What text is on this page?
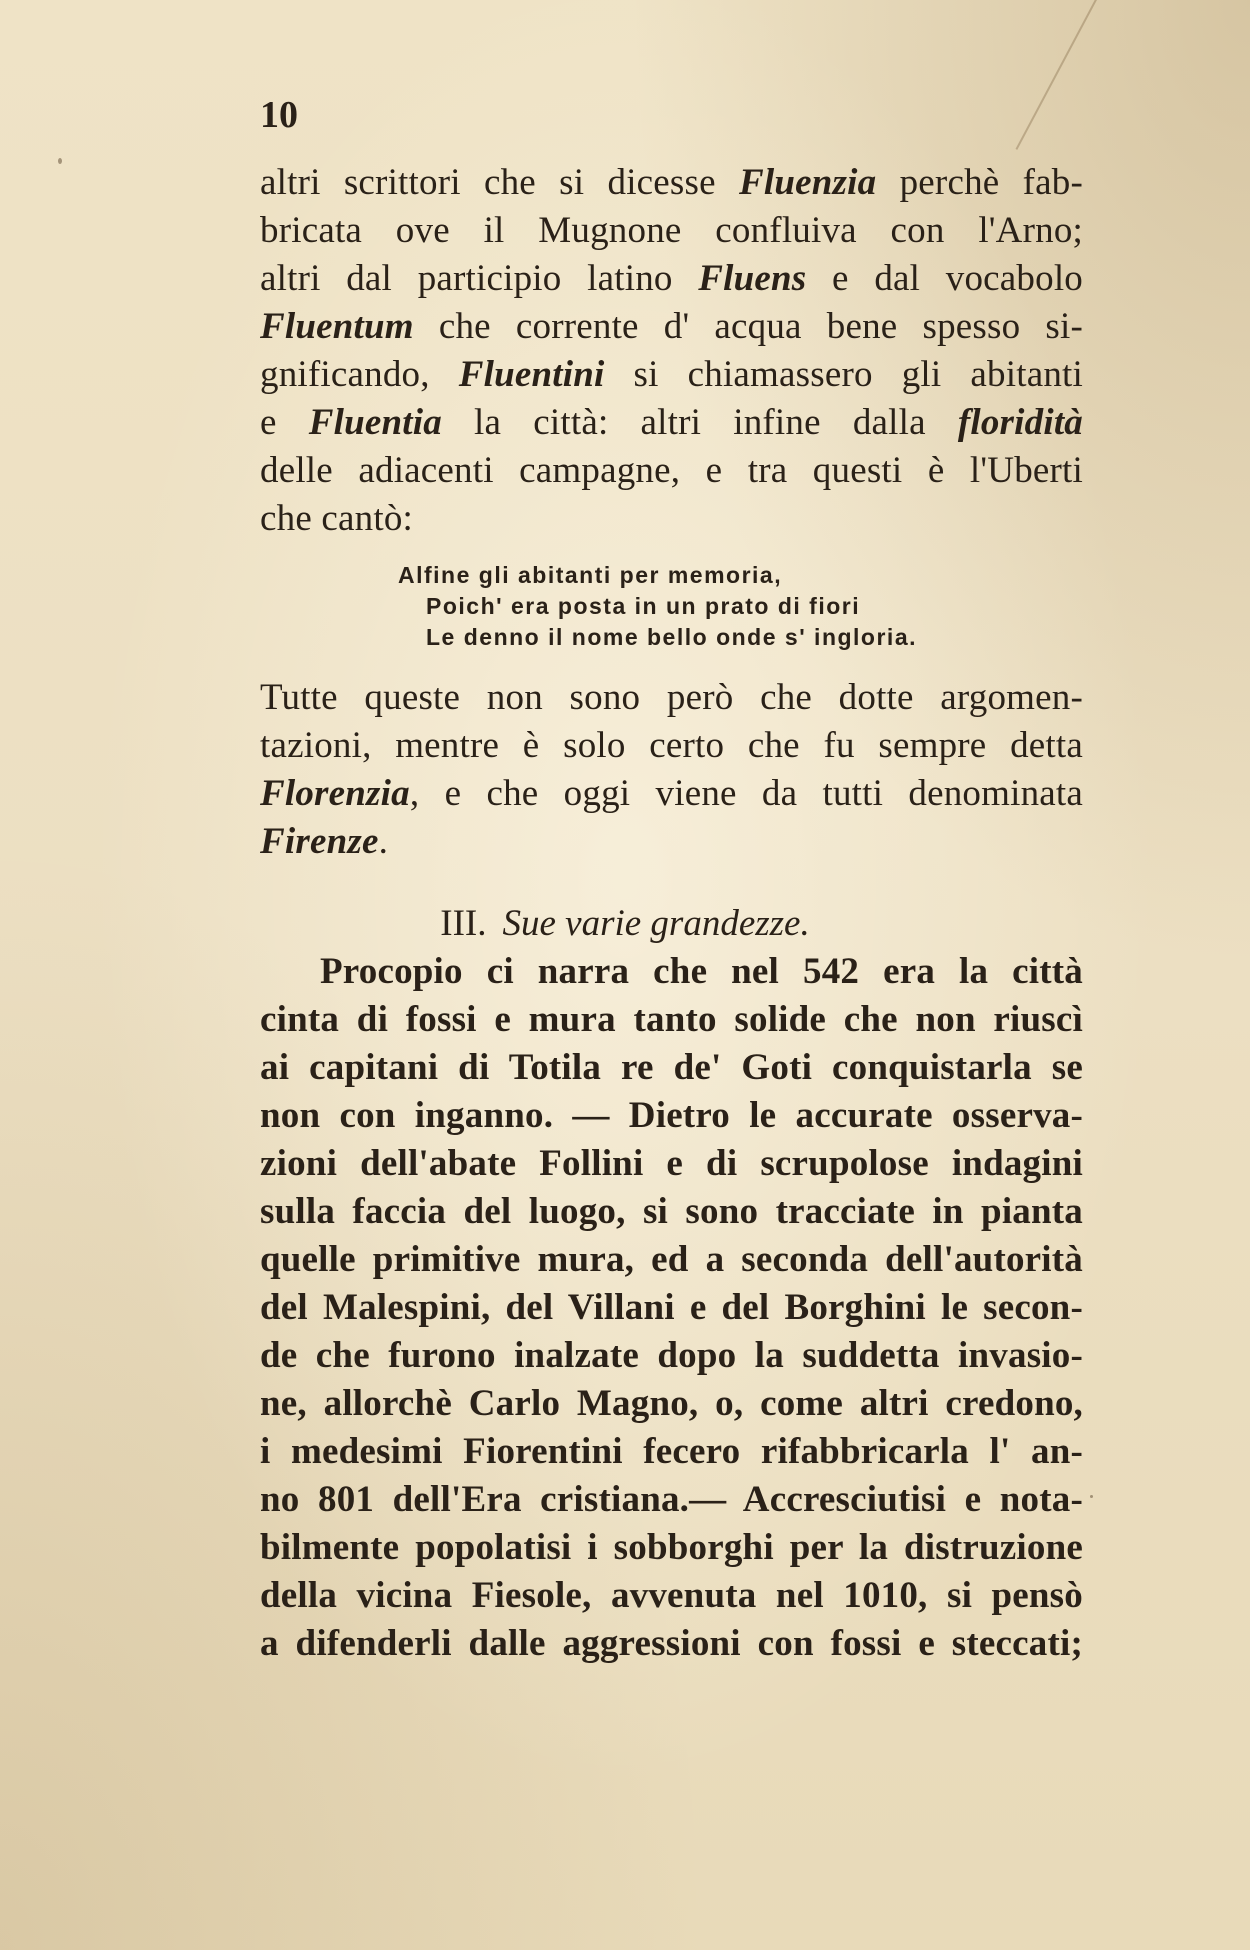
10
altri scrittori che si dicesse Fluenzia perchè fab-
bricata ove il Mugnone confluiva con l'Arno;
altri dal participio latino Fluens e dal vocabolo
Fluentum che corrente d' acqua bene spesso si-
gnificando, Fluentini si chiamassero gli abitanti
e Fluentia la città: altri infine dalla floridità
delle adiacenti campagne, e tra questi è l'Uberti
che cantò:
Alfine gli abitanti per memoria,
Poich' era posta in un prato di fiori
Le denno il nome bello onde s' ingloria.
Tutte queste non sono però che dotte argomen-
tazioni, mentre è solo certo che fu sempre detta
Florenzia, e che oggi viene da tutti denominata
Firenze.
III. Sue varie grandezze.
Procopio ci narra che nel 542 era la città
cinta di fossi e mura tanto solide che non riuscì
ai capitani di Totila re de' Goti conquistarla se
non con inganno. — Dietro le accurate osserva-
zioni dell'abate Follini e di scrupolose indagini
sulla faccia del luogo, si sono tracciate in pianta
quelle primitive mura, ed a seconda dell'autorità
del Malespini, del Villani e del Borghini le secon-
de che furono inalzate dopo la suddetta invasio-
ne, allorchè Carlo Magno, o, come altri credono,
i medesimi Fiorentini fecero rifabbricarla l' an-
no 801 dell'Era cristiana.— Accresciutisi e nota-
bilmente popolatisi i sobborghi per la distruzione
della vicina Fiesole, avvenuta nel 1010, si pensò
a difenderli dalle aggressioni con fossi e steccati;
